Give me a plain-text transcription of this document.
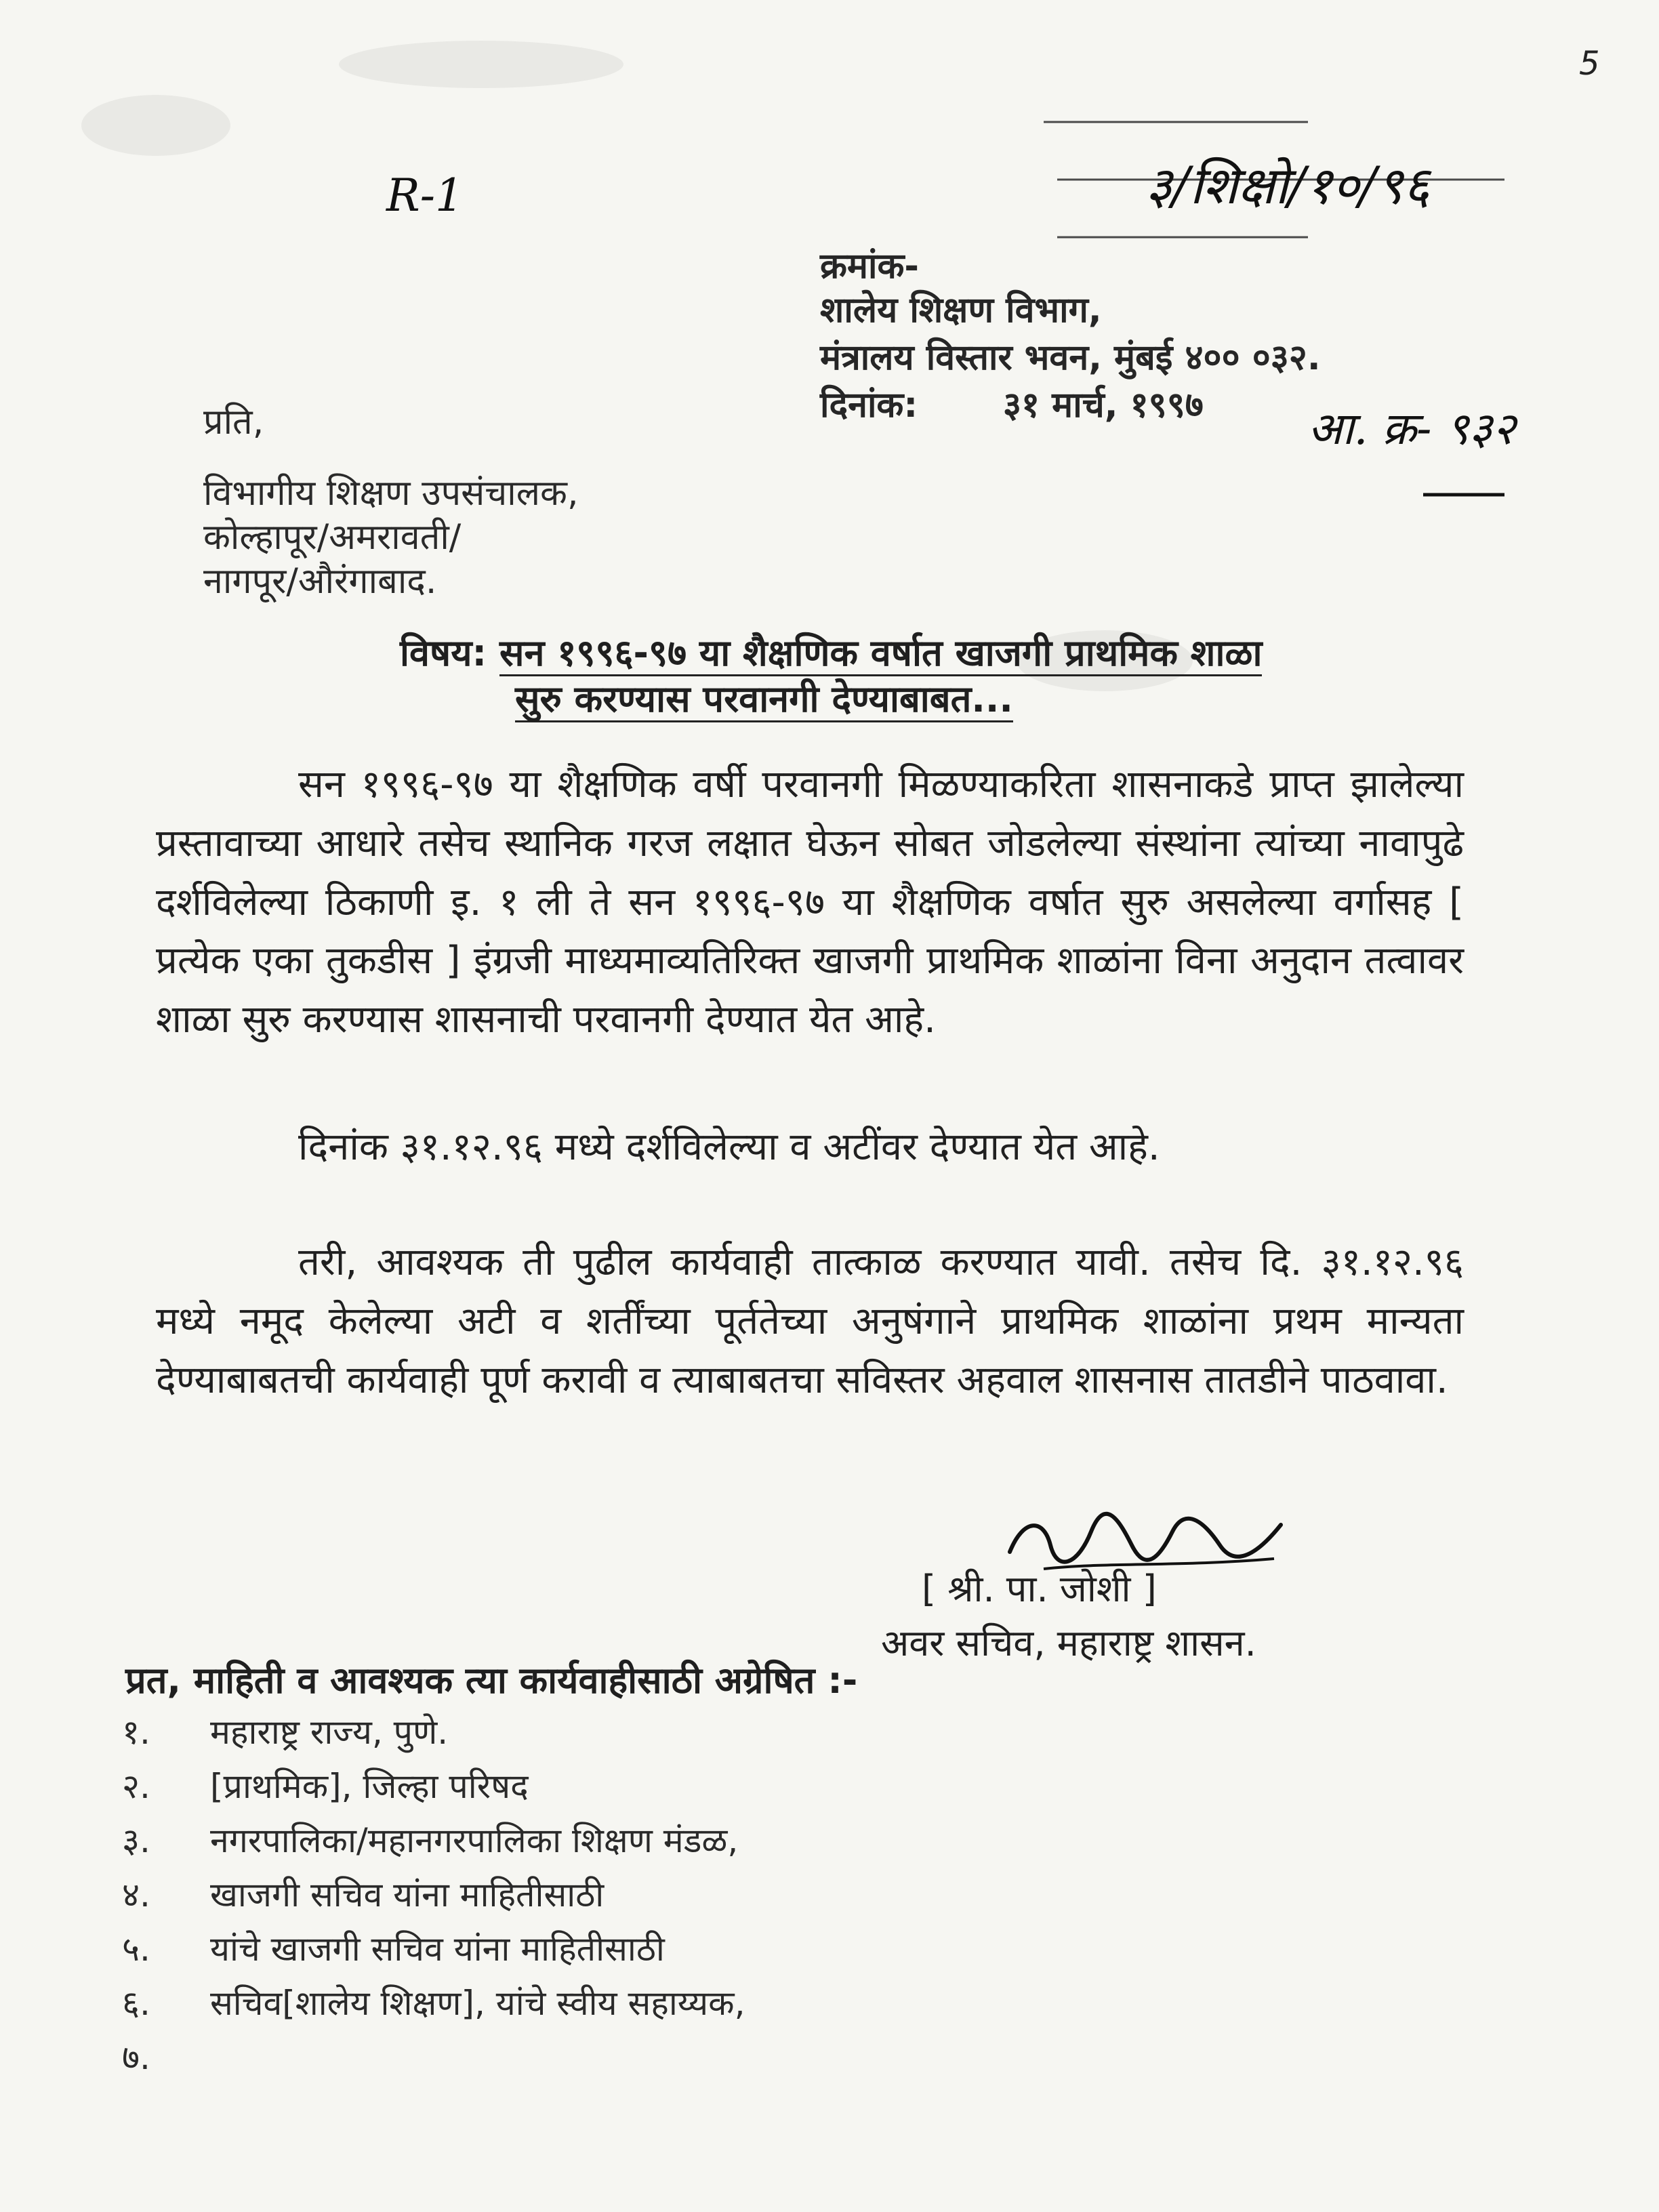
5
३/शिक्षो/१०/९६
R-1
क्रमांक-
शालेय शिक्षण विभाग,
मंत्रालय विस्तार भवन, मुंबई ४०० ०३२.
दिनांक: ३१ मार्च, १९९७ आ. क्र- ९३२
प्रति,
विभागीय शिक्षण उपसंचालक,
कोल्हापूर/अमरावती/
नागपूर/औरंगाबाद.
विषय: सन १९९६-९७ या शैक्षणिक वर्षात खाजगी प्राथमिक शाळा
सुरु करण्यास परवानगी देण्याबाबत...

सन १९९६-९७ या शैक्षणिक वर्षी परवानगी मिळण्याकरिता शासनाकडे प्राप्त झालेल्या प्रस्तावाच्या आधारे तसेच स्थानिक गरज लक्षात घेऊन सोबत जोडलेल्या संस्थांना त्यांच्या नावापुढे दर्शविलेल्या ठिकाणी इ. १ ली ते सन १९९६-९७ या शैक्षणिक वर्षात सुरु असलेल्या वर्गासह [ प्रत्येक एका तुकडीस ] इंग्रजी माध्यमाव्यतिरिक्त खाजगी प्राथमिक शाळांना विना अनुदान तत्वावर शाळा सुरु करण्यास शासनाची परवानगी देण्यात येत आहे.

दिनांक ३१.१२.९६ मध्ये दर्शविलेल्या व अटींवर देण्यात येत आहे.

तरी, आवश्यक ती पुढील कार्यवाही तात्काळ करण्यात यावी. तसेच दि. ३१.१२.९६ मध्ये नमूद केलेल्या अटी व शर्तींच्या पूर्ततेच्या अनुषंगाने प्राथमिक शाळांना प्रथम मान्यता देण्याबाबतची कार्यवाही पूर्ण करावी व त्याबाबतचा सविस्तर अहवाल शासनास तातडीने पाठवावा.

[ श्री. पा. जोशी ]
अवर सचिव, महाराष्ट्र शासन.
प्रत, माहिती व आवश्यक त्या कार्यवाहीसाठी अग्रेषित :-
१.	महाराष्ट्र राज्य, पुणे.
२.	[प्राथमिक], जिल्हा परिषद
३.	नगरपालिका/महानगरपालिका शिक्षण मंडळ,
४.	खाजगी सचिव यांना माहितीसाठी
५.	यांचे खाजगी सचिव यांना माहितीसाठी
६.	सचिव[शालेय शिक्षण], यांचे स्वीय सहाय्यक,
७.
